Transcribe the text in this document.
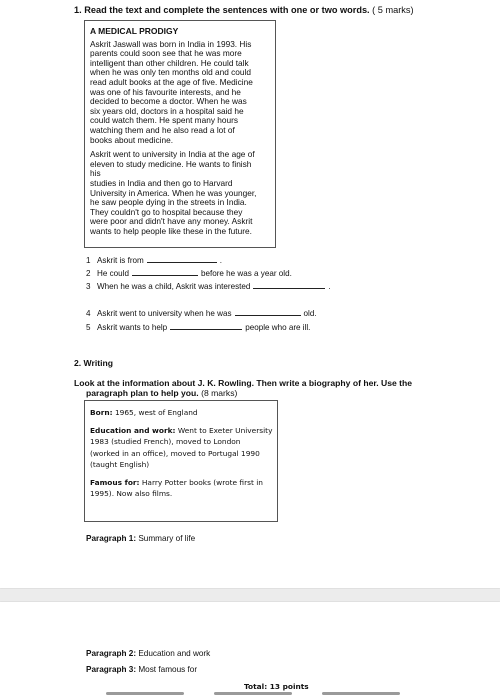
1. Read the text and complete the sentences with one or two words. ( 5 marks)
A MEDICAL PRODIGY
Askrit Jaswall was born in India in 1993. His
parents could soon see that he was more
intelligent than other children. He could talk
when he was only ten months old and could
read adult books at the age of five. Medicine
was one of his favourite interests, and he
decided to become a doctor. When he was
six years old, doctors in a hospital said he
could watch them. He spent many hours
watching them and he also read a lot of
books about medicine.
Askrit went to university in India at the age of
eleven to study medicine. He wants to finish
his
studies in India and then go to Harvard
University in America. When he was younger,
he saw people dying in the streets in India.
They couldn't go to hospital because they
were poor and didn't have any money. Askrit
wants to help people like these in the future.
1 Askrit is from	.
2 He could	before he was a year old.
3 When he was a child, Askrit was interested	.
4 Askrit went to university when he was	old.
5 Askrit wants to help	people who are ill.
2. Writing
Look at the information about J. K. Rowling. Then write a biography of her. Use the
paragraph plan to help you. (8 marks)
Born: 1965, west of England
Education and work: Went to Exeter University
1983 (studied French), moved to London
(worked in an office), moved to Portugal 1990
(taught English)
Famous for: Harry Potter books (wrote first in
1995). Now also films.
Paragraph 1: Summary of life
Paragraph 2: Education and work
Paragraph 3: Most famous for
Total: 13 points
